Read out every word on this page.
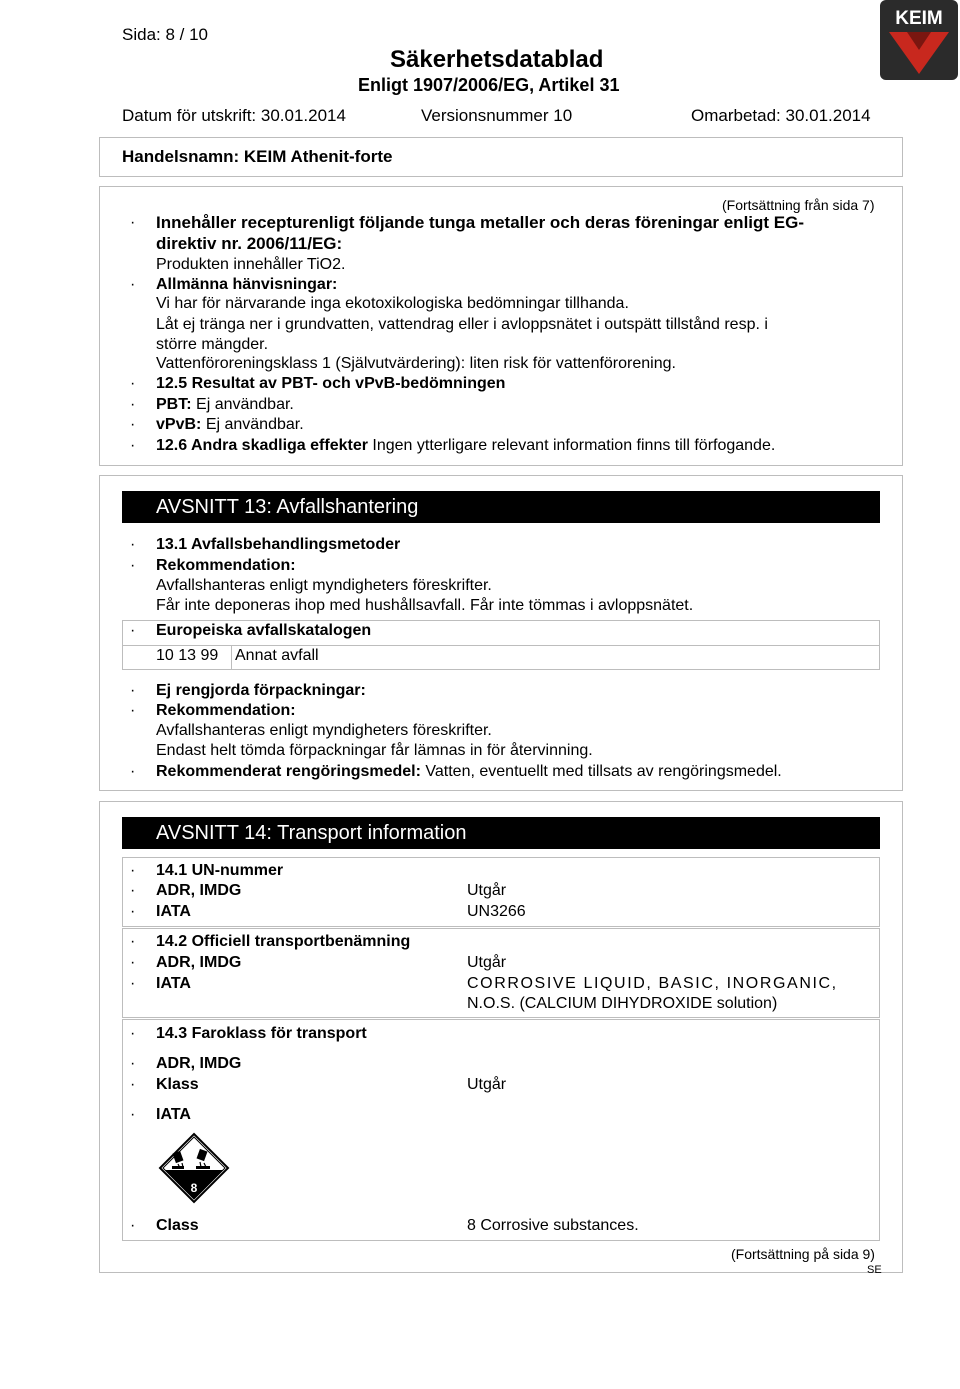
Sida: 8 / 10
Säkerhetsdatablad
Enligt 1907/2006/EG, Artikel 31
Datum för utskrift: 30.01.2014	Versionsnummer 10	Omarbetad: 30.01.2014
KEIM
Handelsnamn: KEIM Athenit-forte
(Fortsättning från sida 7)
· Innehåller recepturenligt följande tunga metaller och deras föreningar enligt EG-
direktiv nr. 2006/11/EG:
Produkten innehåller TiO2.
· Allmänna hänvisningar:
Vi har för närvarande inga ekotoxikologiska bedömningar tillhanda.
Låt ej tränga ner i grundvatten, vattendrag eller i avloppsnätet i outspätt tillstånd resp. i
större mängder.
Vattenföroreningsklass 1 (Självutvärdering): liten risk för vattenförorening.
· 12.5 Resultat av PBT- och vPvB-bedömningen
· PBT: Ej användbar.
· vPvB: Ej användbar.
· 12.6 Andra skadliga effekter Ingen ytterligare relevant information finns till förfogande.
AVSNITT 13: Avfallshantering
· 13.1 Avfallsbehandlingsmetoder
· Rekommendation:
Avfallshanteras enligt myndigheters föreskrifter.
Får inte deponeras ihop med hushållsavfall. Får inte tömmas i avloppsnätet.
· Europeiska avfallskatalogen
10 13 99 Annat avfall
· Ej rengjorda förpackningar:
· Rekommendation:
Avfallshanteras enligt myndigheters föreskrifter.
Endast helt tömda förpackningar får lämnas in för återvinning.
· Rekommenderat rengöringsmedel: Vatten, eventuellt med tillsats av rengöringsmedel.
AVSNITT 14: Transport information
· 14.1 UN-nummer
· ADR, IMDG	Utgår
· IATA	UN3266
· 14.2 Officiell transportbenämning
· ADR, IMDG	Utgår
· IATA	CORROSIVE LIQUID, BASIC, INORGANIC,
N.O.S. (CALCIUM DIHYDROXIDE solution)
· 14.3 Faroklass för transport
· ADR, IMDG
· Klass	Utgår
· IATA
8
· Class	8 Corrosive substances.
(Fortsättning på sida 9)
SE
